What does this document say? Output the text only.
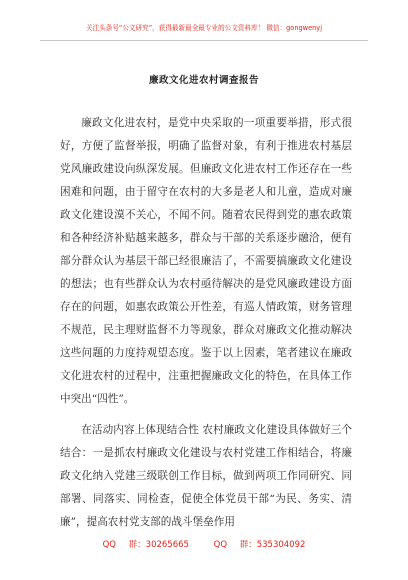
关注头条号“公文研究”，获得最新最全最专业的公文资料库！ 微信：gongwenyj
廉政文化进农村调查报告

廉政文化进农村，是党中央采取的一项重要举措，形式很好，方便了监督举报，明确了监督对象，有利于推进农村基层党风廉政建设向纵深发展。但廉政文化进农村工作还存在一些困难和问题，由于留守在农村的大多是老人和儿童，造成对廉政文化建设漠不关心，不闻不问。随着农民得到党的惠农政策和各种经济补贴越来越多，群众与干部的关系逐步融洽，便有部分群众认为基层干部已经很廉洁了，不需要搞廉政文化建设的想法；也有些群众认为农村亟待解决的是党风廉政建设方面存在的问题，如惠农政策公开性差，有巡人情政策，财务管理不规范，民主理财监督不力等现象，群众对廉政文化推动解决这些问题的力度持观望态度。鉴于以上因素，笔者建议在廉政文化进农村的过程中，注重把握廉政文化的特色，在具体工作中突出“四性”。

在活动内容上体现结合性 农村廉政文化建设具体做好三个结合：一是抓农村廉政文化建设与农村党建工作相结合，将廉政文化纳入党建三级联创工作目标，做到两项工作同研究、同部署、同落实、同检查，促使全体党员干部“为民、务实、清廉”，提高农村党支部的战斗堡垒作用

QQ 群：30265665	QQ 群：535304092
